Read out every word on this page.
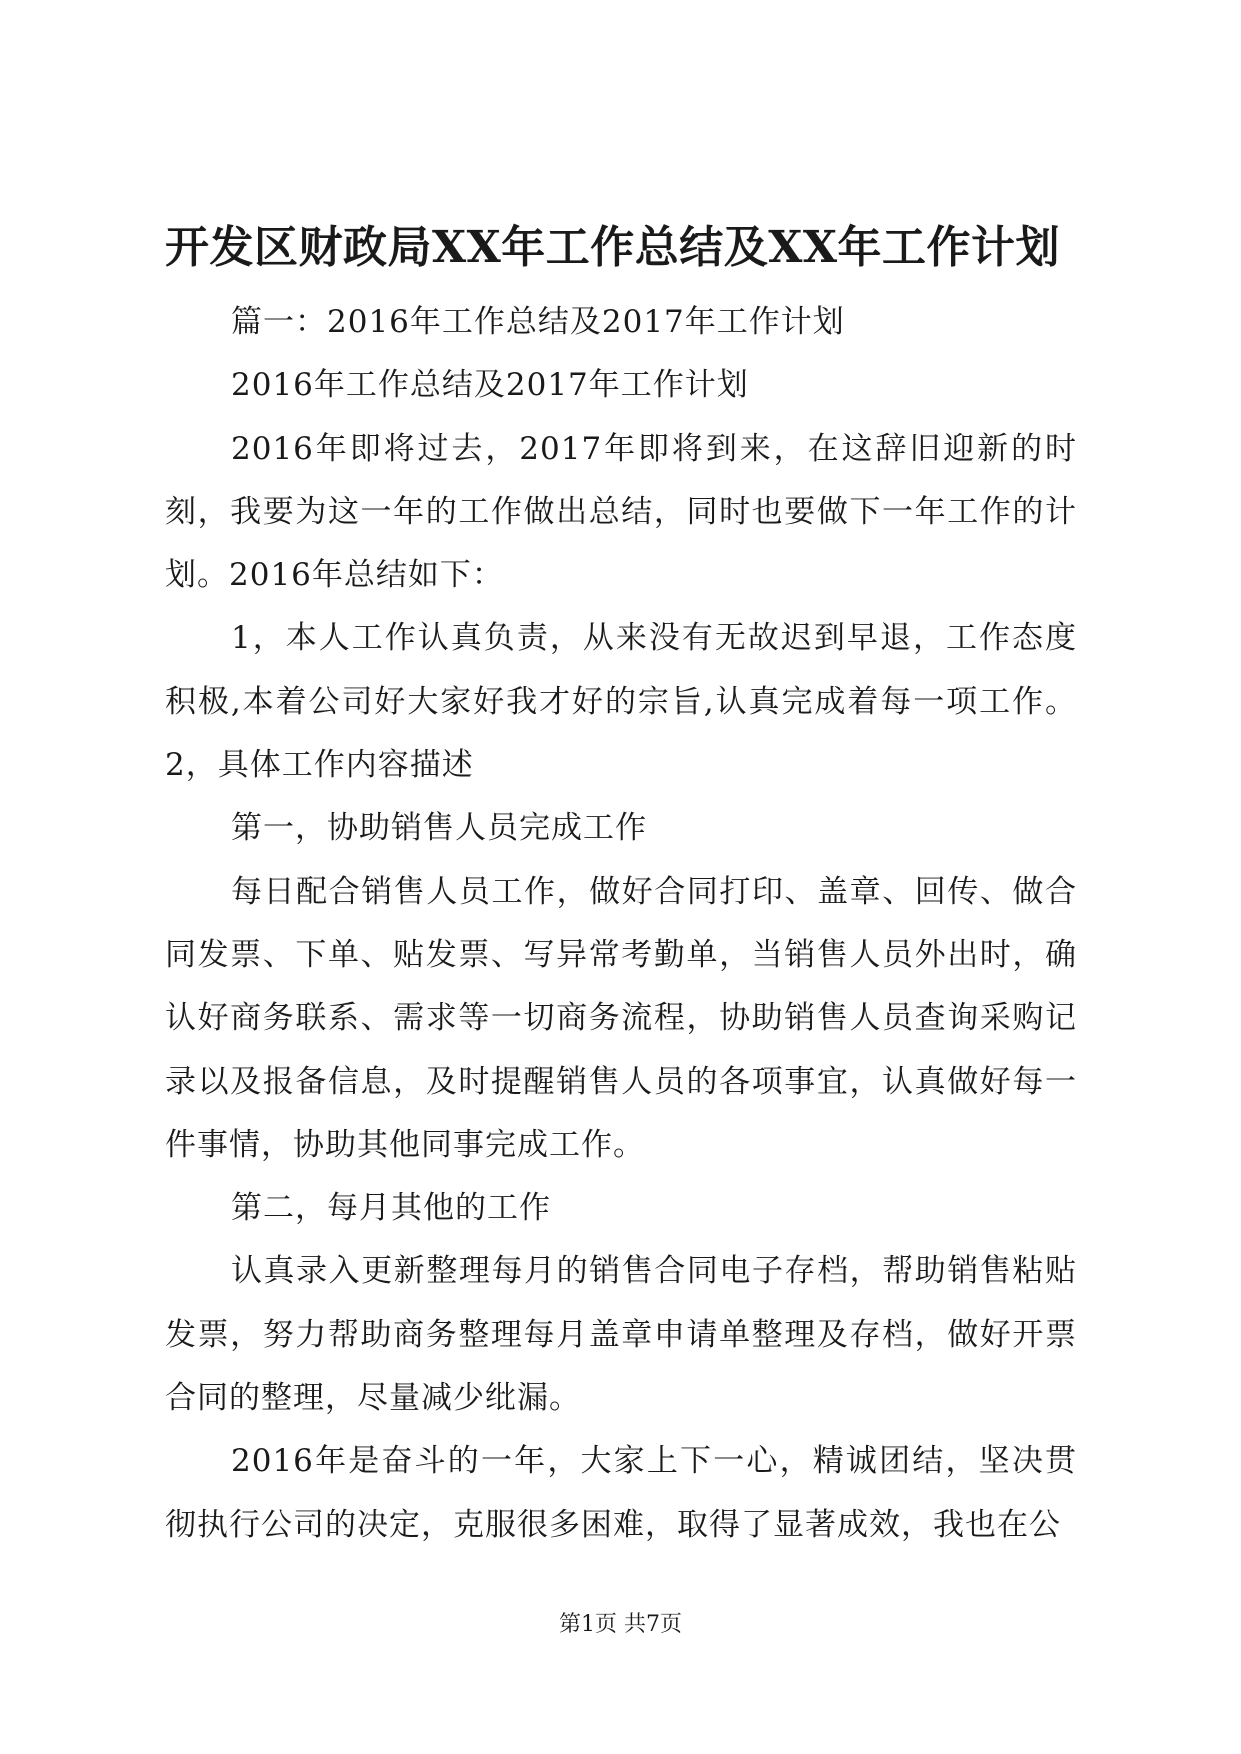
开发区财政局XX年工作总结及XX年工作计划

篇一：2016年工作总结及2017年工作计划

2016年工作总结及2017年工作计划

2016年即将过去，2017年即将到来，在这辞旧迎新的时刻，我要为这一年的工作做出总结，同时也要做下一年工作的计划。2016年总结如下：

1，本人工作认真负责，从来没有无故迟到早退，工作态度积极,本着公司好大家好我才好的宗旨,认真完成着每一项工作。2，具体工作内容描述

第一，协助销售人员完成工作

每日配合销售人员工作，做好合同打印、盖章、回传、做合同发票、下单、贴发票、写异常考勤单，当销售人员外出时，确认好商务联系、需求等一切商务流程，协助销售人员查询采购记录以及报备信息，及时提醒销售人员的各项事宜，认真做好每一件事情，协助其他同事完成工作。

第二，每月其他的工作

认真录入更新整理每月的销售合同电子存档，帮助销售粘贴发票，努力帮助商务整理每月盖章申请单整理及存档，做好开票合同的整理，尽量减少纰漏。

2016年是奋斗的一年，大家上下一心，精诚团结，坚决贯彻执行公司的决定，克服很多困难，取得了显著成效，我也在公

第1页 共7页
